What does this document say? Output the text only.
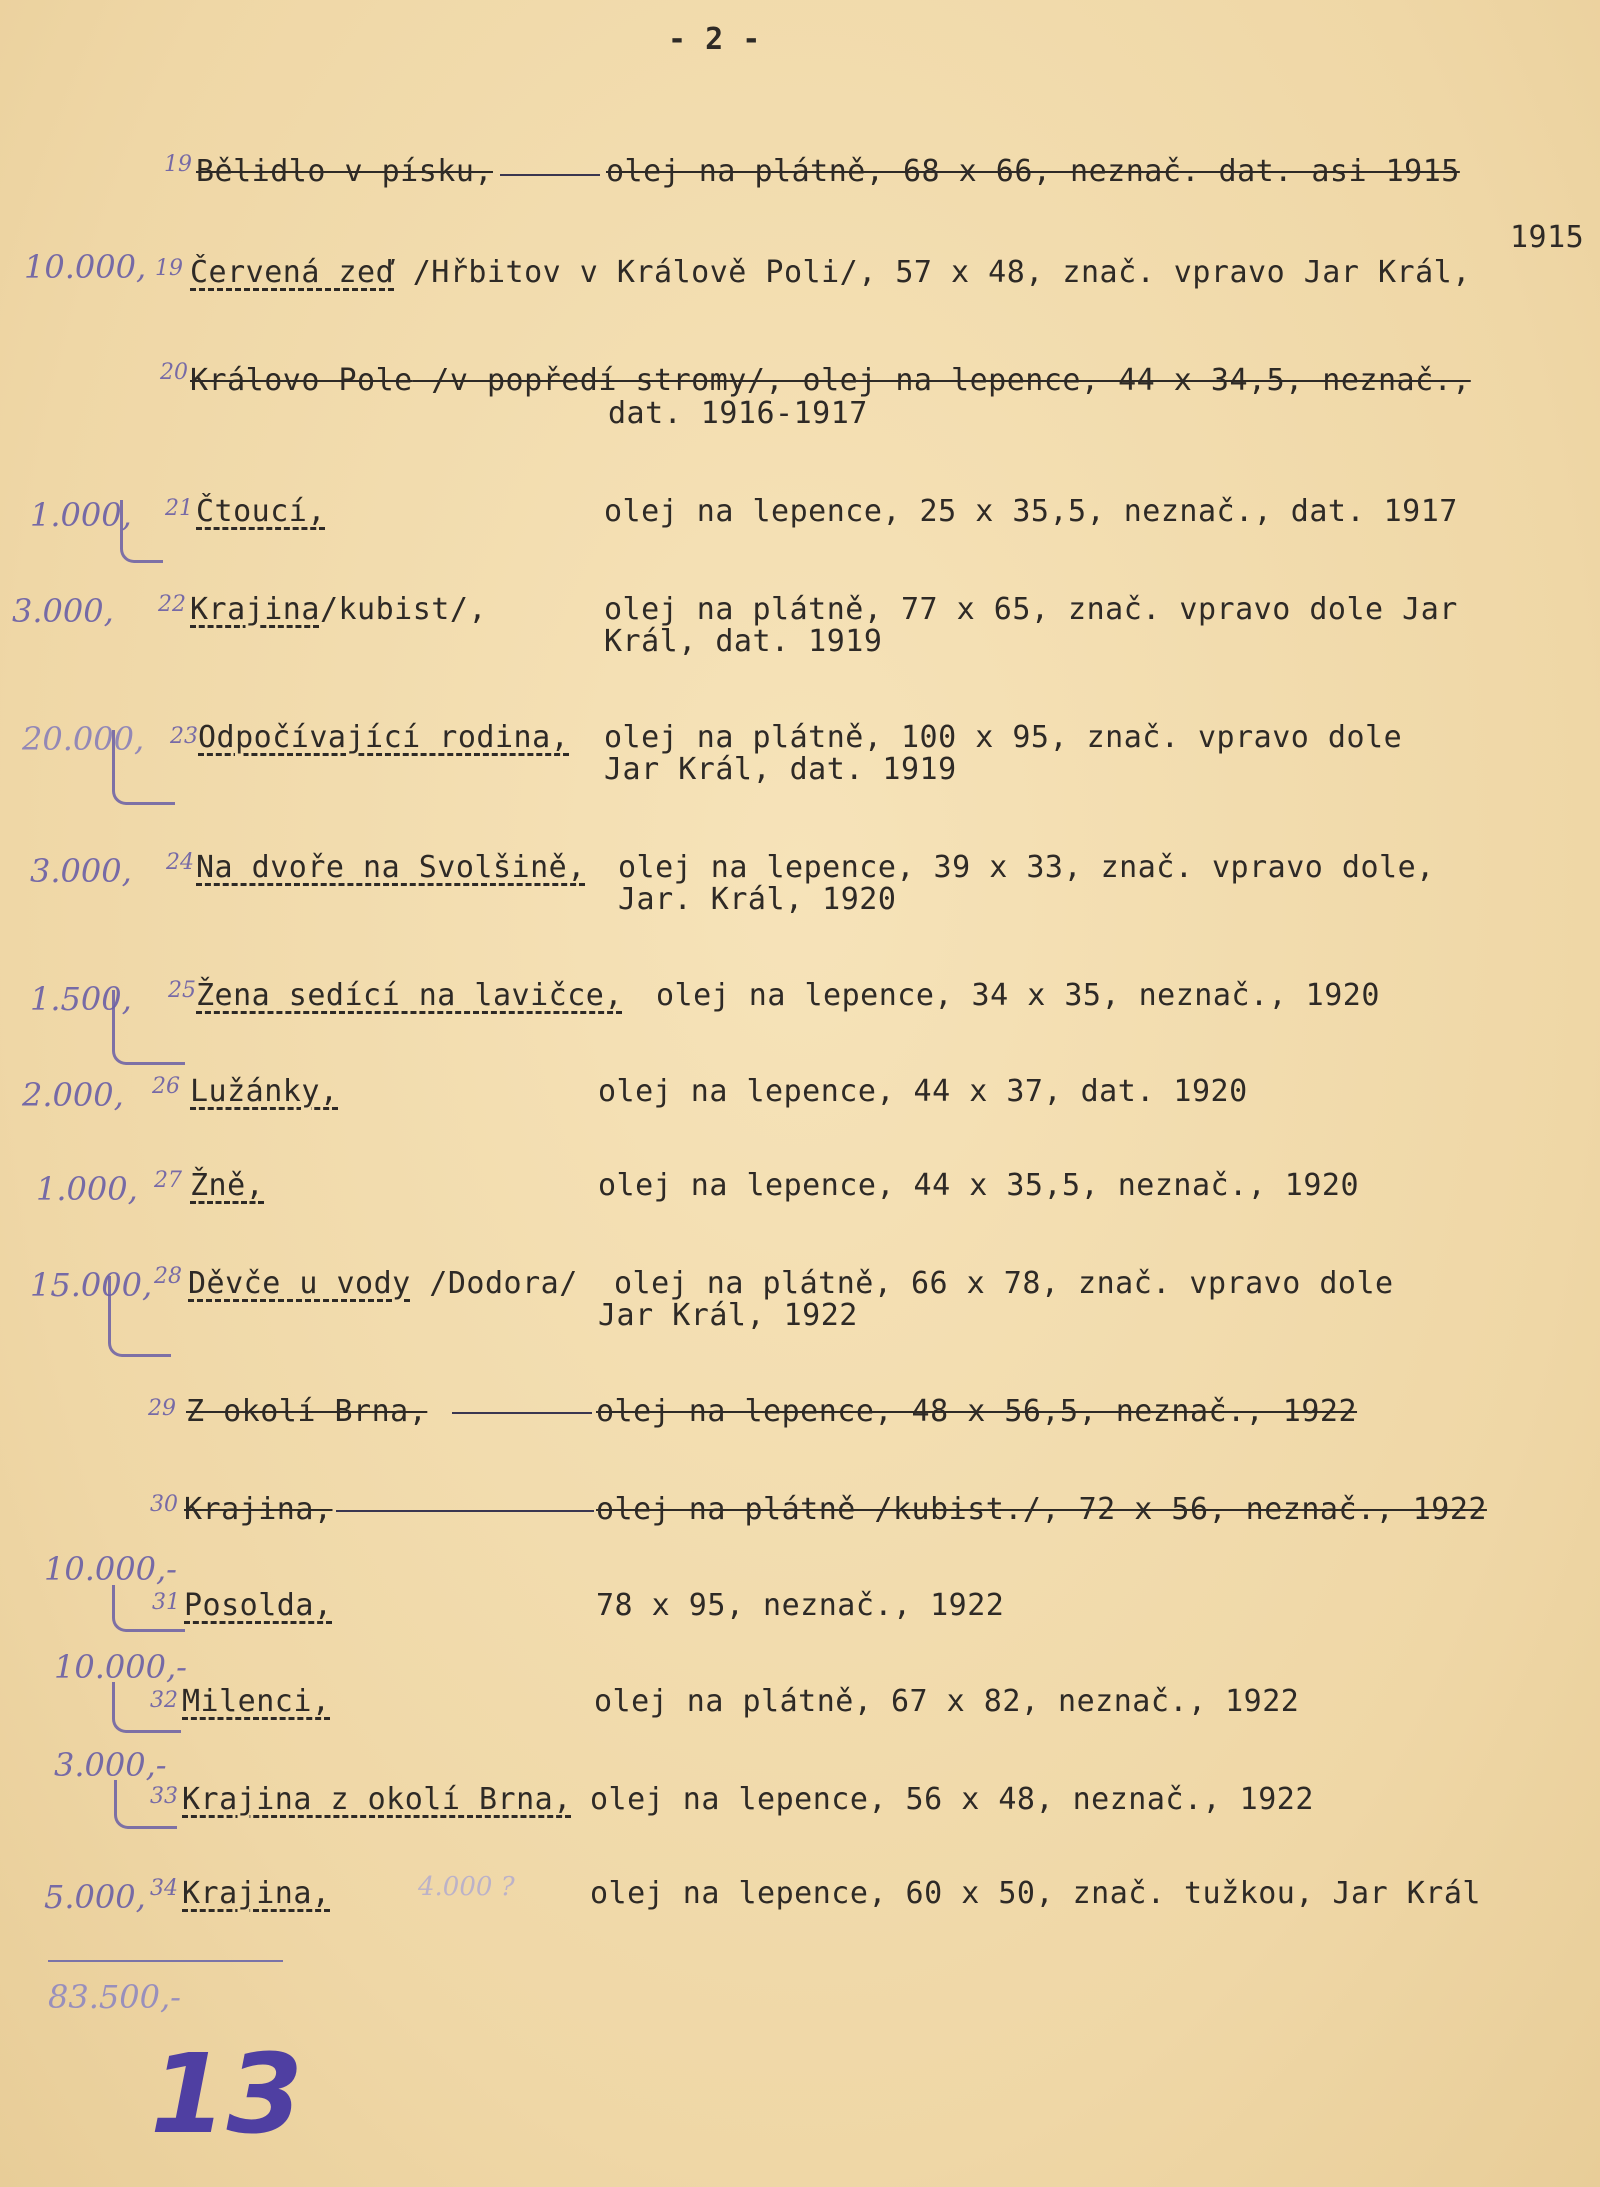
- 2 -
19 Bělidlo v písku,	olej na plátně, 68 x 66, neznač. dat. asi 1915
10.000, 19 Červená zeď /Hřbitov v Králově Poli/, 57 x 48, znač. vpravo Jar Král,
1915
20 Královo Pole /v popředí stromy/, olej na lepence, 44 x 34,5, neznač.,
dat. 1916-1917
1.000, 21 Čtoucí,	olej na lepence, 25 x 35,5, neznač., dat. 1917
3.000, 22 Krajina/kubist/,	olej na plátně, 77 x 65, znač. vpravo dole Jar
Král, dat. 1919
20.000, 23 Odpočívající rodina, olej na plátně, 100 x 95, znač. vpravo dole
Jar Král, dat. 1919
3.000, 24 Na dvoře na Svolšině, olej na lepence, 39 x 33, znač. vpravo dole,
Jar. Král, 1920
1.500, 25 Žena sedící na lavičce, olej na lepence, 34 x 35, neznač., 1920
2.000, 26 Lužánky,	olej na lepence, 44 x 37, dat. 1920
1.000, 27 Žně,	olej na lepence, 44 x 35,5, neznač., 1920
15.000, 28 Děvče u vody /Dodora/ olej na plátně, 66 x 78, znač. vpravo dole
Jar Král, 1922
29 Z okolí Brna,	olej na lepence, 48 x 56,5, neznač., 1922
30 Krajina,	olej na plátně /kubist./, 72 x 56, neznač., 1922
10.000,-
31 Posolda,	78 x 95, neznač., 1922
10.000,-
32 Milenci,	olej na plátně, 67 x 82, neznač., 1922
3.000,-
33 Krajina z okolí Brna, olej na lepence, 56 x 48, neznač., 1922
5.000, 34 Krajina,	4.000 ?	olej na lepence, 60 x 50, znač. tužkou, Jar Král
83.500,-
13
